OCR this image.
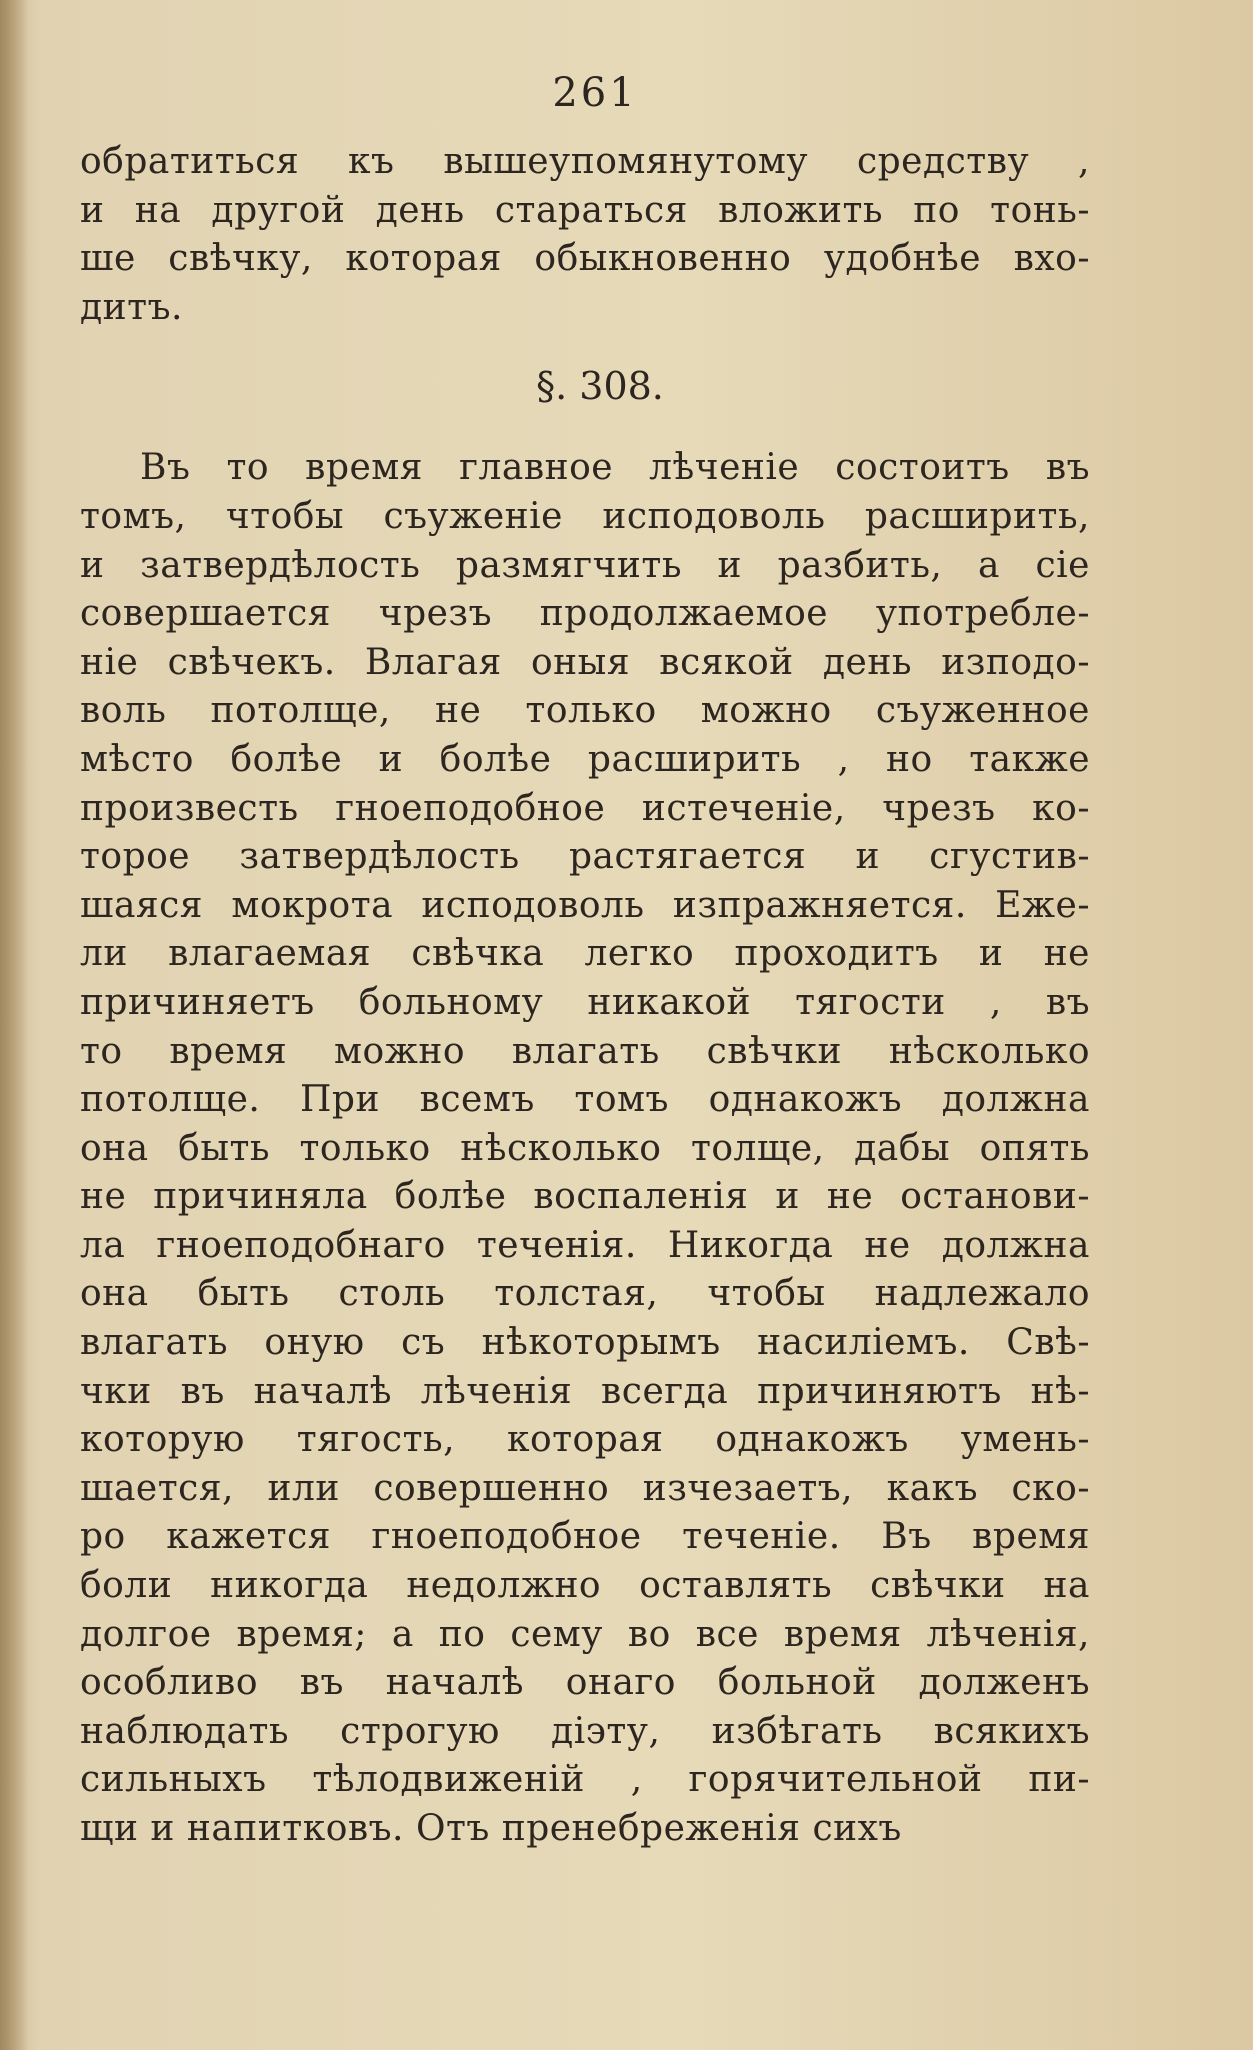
261
обратиться къ вышеупомянутому средству ,
и на другой день стараться вложить по тонь-
ше свѣчку, которая обыкновенно удобнѣе вхо-
дитъ.
§. 308.
Въ то время главное лѣченіе состоитъ въ
томъ, чтобы съуженіе исподоволь расширить,
и затвердѣлость размягчить и разбить, а сіе
совершается чрезъ продолжаемое употребле-
ніе свѣчекъ. Влагая оныя всякой день изподо-
воль потолще, не только можно съуженное
мѣсто болѣе и болѣе расширить , но также
произвесть гноеподобное истеченіе, чрезъ ко-
торое затвердѣлость растягается и сгустив-
шаяся мокрота исподоволь изпражняется. Еже-
ли влагаемая свѣчка легко проходитъ и не
причиняетъ больному никакой тягости , въ
то время можно влагать свѣчки нѣсколько
потолще. При всемъ томъ однакожъ должна
она быть только нѣсколько толще, дабы опять
не причиняла болѣе воспаленія и не останови-
ла гноеподобнаго теченія. Никогда не должна
она быть столь толстая, чтобы надлежало
влагать оную съ нѣкоторымъ насиліемъ. Свѣ-
чки въ началѣ лѣченія всегда причиняютъ нѣ-
которую тягость, которая однакожъ умень-
шается, или совершенно изчезаетъ, какъ ско-
ро кажется гноеподобное теченіе. Въ время
боли никогда недолжно оставлять свѣчки на
долгое время; а по сему во все время лѣченія,
особливо въ началѣ онаго больной долженъ
наблюдать строгую діэту, избѣгать всякихъ
сильныхъ тѣлодвиженій , горячительной пи-
щи и напитковъ. Отъ пренебреженія сихъ
